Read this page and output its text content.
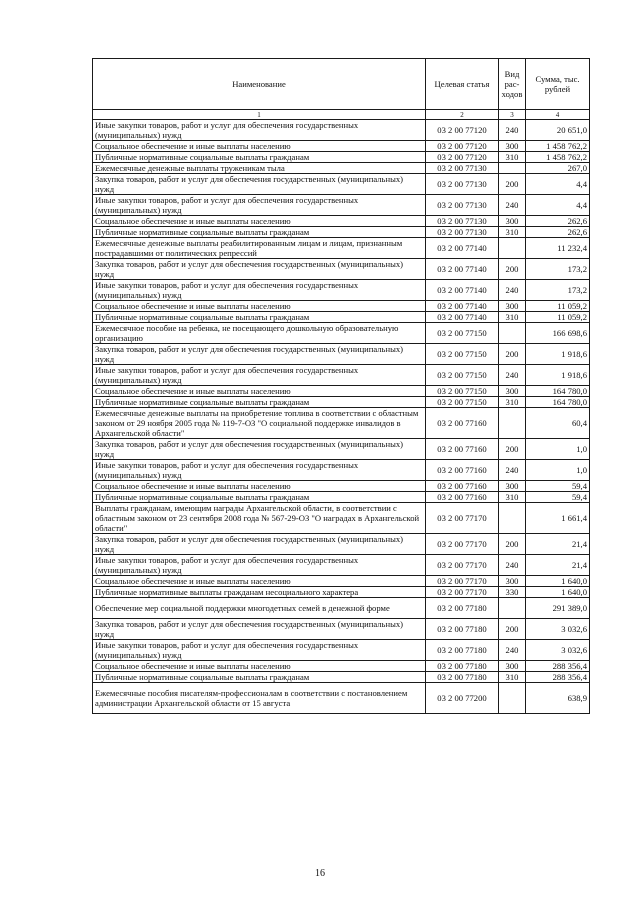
Наименование	Целевая статья	Вид рас-ходов	Сумма, тыс. рублей
1	2	3	4
Иные закупки товаров, работ и услуг для обеспечения государственных (муниципальных) нужд	03 2 00 77120	240	20 651,0
Социальное обеспечение и иные выплаты населению	03 2 00 77120	300	1 458 762,2
Публичные нормативные социальные выплаты гражданам	03 2 00 77120	310	1 458 762,2
Ежемесячные денежные выплаты труженикам тыла	03 2 00 77130		267,0
Закупка товаров, работ и услуг для обеспечения государственных (муниципальных) нужд	03 2 00 77130	200	4,4
Иные закупки товаров, работ и услуг для обеспечения государственных (муниципальных) нужд	03 2 00 77130	240	4,4
Социальное обеспечение и иные выплаты населению	03 2 00 77130	300	262,6
Публичные нормативные социальные выплаты гражданам	03 2 00 77130	310	262,6
Ежемесячные денежные выплаты реабилитированным лицам и лицам, признанным пострадавшими от политических репрессий	03 2 00 77140		11 232,4
Закупка товаров, работ и услуг для обеспечения государственных (муниципальных) нужд	03 2 00 77140	200	173,2
Иные закупки товаров, работ и услуг для обеспечения государственных (муниципальных) нужд	03 2 00 77140	240	173,2
Социальное обеспечение и иные выплаты населению	03 2 00 77140	300	11 059,2
Публичные нормативные социальные выплаты гражданам	03 2 00 77140	310	11 059,2
Ежемесячное пособие на ребенка, не посещающего дошкольную образовательную организацию	03 2 00 77150		166 698,6
Закупка товаров, работ и услуг для обеспечения государственных (муниципальных) нужд	03 2 00 77150	200	1 918,6
Иные закупки товаров, работ и услуг для обеспечения государственных (муниципальных) нужд	03 2 00 77150	240	1 918,6
Социальное обеспечение и иные выплаты населению	03 2 00 77150	300	164 780,0
Публичные нормативные социальные выплаты гражданам	03 2 00 77150	310	164 780,0
Ежемесячные денежные выплаты на приобретение топлива в соответствии с областным законом от 29 ноября 2005 года № 119-7-ОЗ "О социальной поддержке инвалидов в Архангельской области"	03 2 00 77160		60,4
Закупка товаров, работ и услуг для обеспечения государственных (муниципальных) нужд	03 2 00 77160	200	1,0
Иные закупки товаров, работ и услуг для обеспечения государственных (муниципальных) нужд	03 2 00 77160	240	1,0
Социальное обеспечение и иные выплаты населению	03 2 00 77160	300	59,4
Публичные нормативные социальные выплаты гражданам	03 2 00 77160	310	59,4
Выплаты гражданам, имеющим награды Архангельской области, в соответствии с областным законом от 23 сентября 2008 года № 567-29-ОЗ "О наградах в Архангельской области"	03 2 00 77170		1 661,4
Закупка товаров, работ и услуг для обеспечения государственных (муниципальных) нужд	03 2 00 77170	200	21,4
Иные закупки товаров, работ и услуг для обеспечения государственных (муниципальных) нужд	03 2 00 77170	240	21,4
Социальное обеспечение и иные выплаты населению	03 2 00 77170	300	1 640,0
Публичные нормативные выплаты гражданам несоциального характера	03 2 00 77170	330	1 640,0
Обеспечение мер социальной поддержки многодетных семей в денежной форме	03 2 00 77180		291 389,0
Закупка товаров, работ и услуг для обеспечения государственных (муниципальных) нужд	03 2 00 77180	200	3 032,6
Иные закупки товаров, работ и услуг для обеспечения государственных (муниципальных) нужд	03 2 00 77180	240	3 032,6
Социальное обеспечение и иные выплаты населению	03 2 00 77180	300	288 356,4
Публичные нормативные социальные выплаты гражданам	03 2 00 77180	310	288 356,4
Ежемесячные пособия писателям-профессионалам в соответствии с постановлением администрации Архангельской области от 15 августа	03 2 00 77200		638,9
16
